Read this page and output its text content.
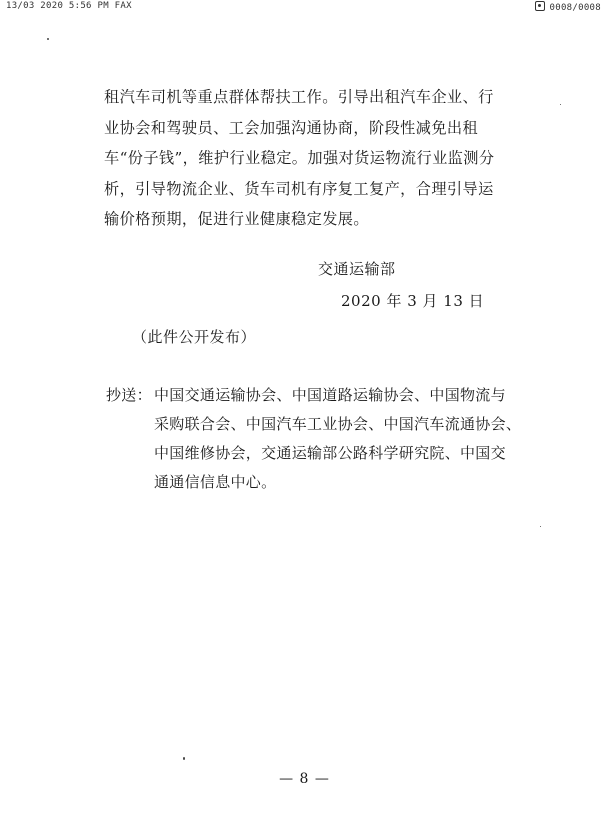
13/03 2020 5:56 PM FAX	0008/0008

租汽车司机等重点群体帮扶工作。引导出租汽车企业、行业协会和驾驶员、工会加强沟通协商，阶段性减免出租车“份子钱”，维护行业稳定。加强对货运物流行业监测分析，引导物流企业、货车司机有序复工复产，合理引导运输价格预期，促进行业健康稳定发展。

交通运输部
2020 年 3 月 13 日
（此件公开发布）
抄送： 中国交通运输协会、中国道路运输协会、中国物流与
采购联合会、中国汽车工业协会、中国汽车流通协会、
中国维修协会，交通运输部公路科学研究院、中国交
通通信信息中心。
— 8 —
